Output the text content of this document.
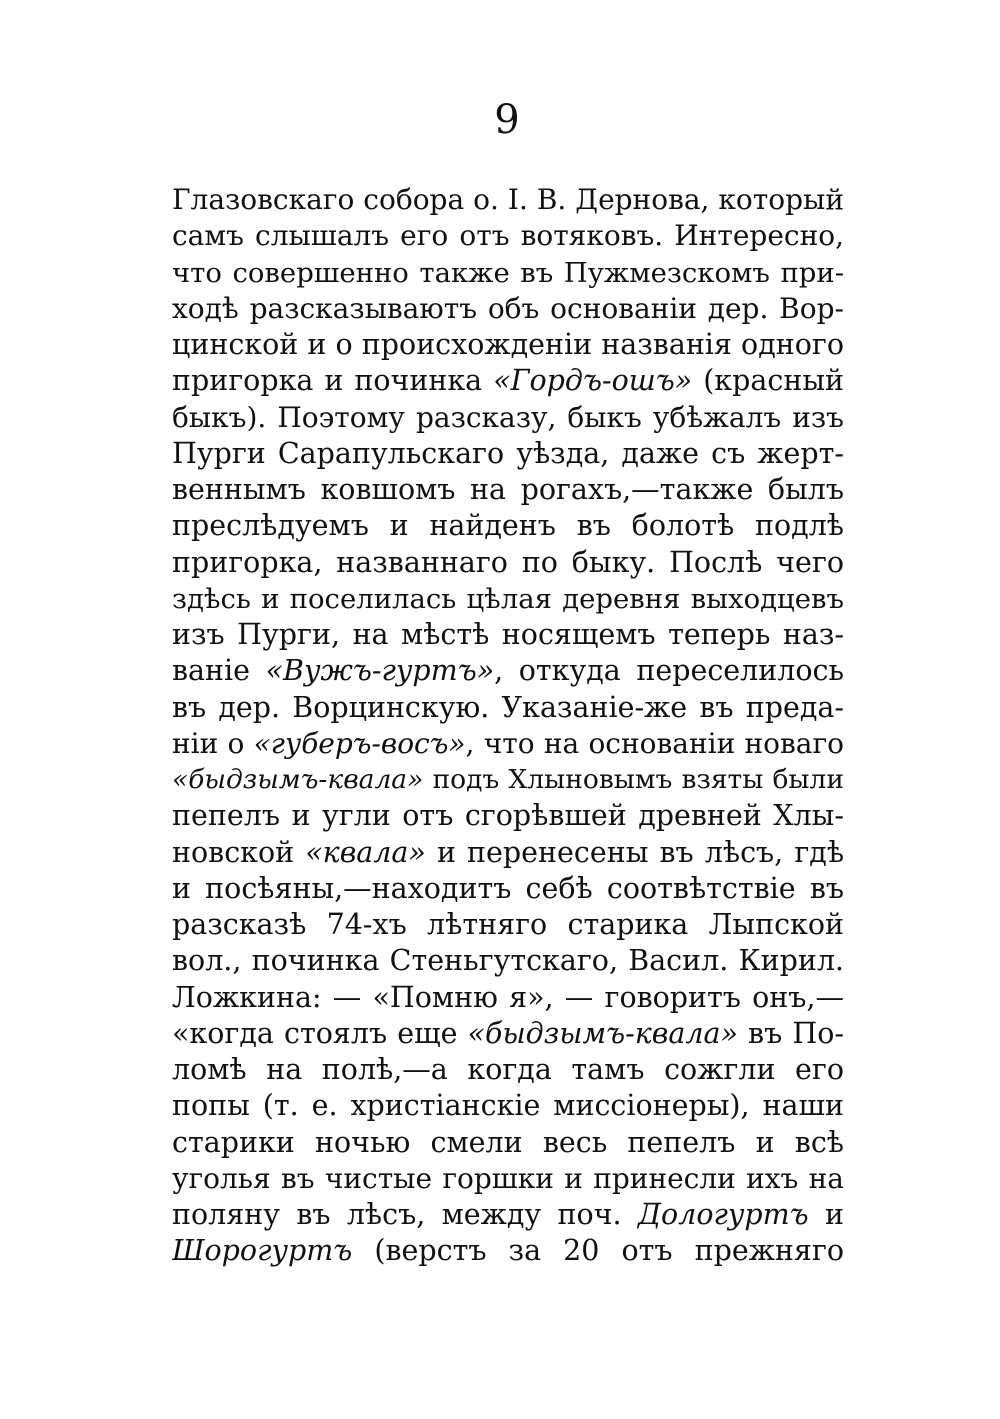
9
Глазовскаго собора о. І. В. Дернова, который
самъ слышалъ его отъ вотяковъ. Интересно,
что совершенно также въ Пужмезскомъ при-
ходѣ разсказываютъ объ основаніи дер. Вор-
цинской и о происхожденіи названія одного
пригорка и починка «Гордъ-ошъ» (красный
быкъ). Поэтому разсказу, быкъ убѣжалъ изъ
Пурги Сарапульскаго уѣзда, даже съ жерт-
веннымъ ковшомъ на рогахъ,—также былъ
преслѣдуемъ и найденъ въ болотѣ подлѣ
пригорка, названнаго по быку. Послѣ чего
здѣсь и поселилась цѣлая деревня выходцевъ
изъ Пурги, на мѣстѣ носящемъ теперь наз-
ваніе «Вужъ-гуртъ», откуда переселилось
въ дер. Ворцинскую. Указаніе-же въ преда-
ніи о «губеръ-восъ», что на основаніи новаго
«быдзымъ-квала» подъ Хлыновымъ взяты были
пепелъ и угли отъ сгорѣвшей древней Хлы-
новской «квала» и перенесены въ лѣсъ, гдѣ
и посѣяны,—находитъ себѣ соотвѣтствіе въ
разсказѣ 74-хъ лѣтняго старика Лыпской
вол., починка Стеньгутскаго, Васил. Кирил.
Ложкина: — «Помню я», — говоритъ онъ,—
«когда стоялъ еще «быдзымъ-квала» въ По-
ломѣ на полѣ,—а когда тамъ сожгли его
попы (т. е. христіанскіе миссіонеры), наши
старики ночью смели весь пепелъ и всѣ
уголья въ чистые горшки и принесли ихъ на
поляну въ лѣсъ, между поч. Дологуртъ и
Шорогуртъ (верстъ за 20 отъ прежняго
